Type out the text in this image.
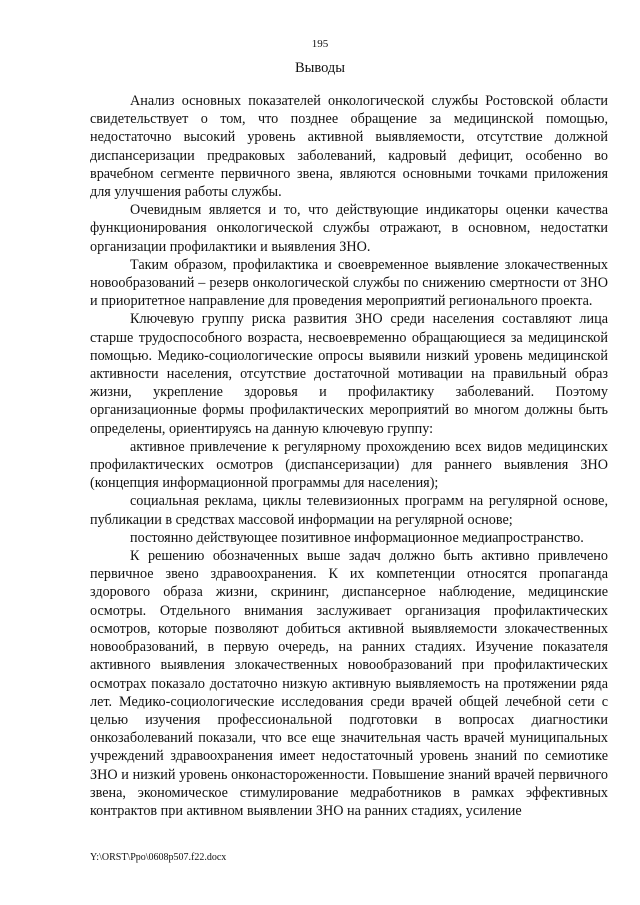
195
Выводы

Анализ основных показателей онкологической службы Ростовской области свидетельствует о том, что позднее обращение за медицинской помощью, недостаточно высокий уровень активной выявляемости, отсутствие должной диспансеризации предраковых заболеваний, кадровый дефицит, особенно во врачебном сегменте первичного звена, являются основными точками приложения для улучшения работы службы.

Очевидным является и то, что действующие индикаторы оценки качества функционирования онкологической службы отражают, в основном, недостатки организации профилактики и выявления ЗНО.

Таким образом, профилактика и своевременное выявление злокачественных новообразований – резерв онкологической службы по снижению смертности от ЗНО и приоритетное направление для проведения мероприятий регионального проекта.

Ключевую группу риска развития ЗНО среди населения составляют лица старше трудоспособного возраста, несвоевременно обращающиеся за медицинской помощью. Медико-социологические опросы выявили низкий уровень медицинской активности населения, отсутствие достаточной мотивации на правильный образ жизни, укрепление здоровья и профилактику заболеваний. Поэтому организационные формы профилактических мероприятий во многом должны быть определены, ориентируясь на данную ключевую группу:

активное привлечение к регулярному прохождению всех видов медицинских профилактических осмотров (диспансеризации) для раннего выявления ЗНО (концепция информационной программы для населения);

социальная реклама, циклы телевизионных программ на регулярной основе, публикации в средствах массовой информации на регулярной основе;

постоянно действующее позитивное информационное медиапространство.

К решению обозначенных выше задач должно быть активно привлечено первичное звено здравоохранения. К их компетенции относятся пропаганда здорового образа жизни, скрининг, диспансерное наблюдение, медицинские осмотры. Отдельного внимания заслуживает организация профилактических осмотров, которые позволяют добиться активной выявляемости злокачественных новообразований, в первую очередь, на ранних стадиях. Изучение показателя активного выявления злокачественных новообразований при профилактических осмотрах показало достаточно низкую активную выявляемость на протяжении ряда лет. Медико-социологические исследования среди врачей общей лечебной сети с целью изучения профессиональной подготовки в вопросах диагностики онкозаболеваний показали, что все еще значительная часть врачей муниципальных учреждений здравоохранения имеет недостаточный уровень знаний по семиотике ЗНО и низкий уровень онконастороженности. Повышение знаний врачей первичного звена, экономическое стимулирование медработников в рамках эффективных контрактов при активном выявлении ЗНО на ранних стадиях, усиление

Y:\ORST\Ppo\0608p507.f22.docx
